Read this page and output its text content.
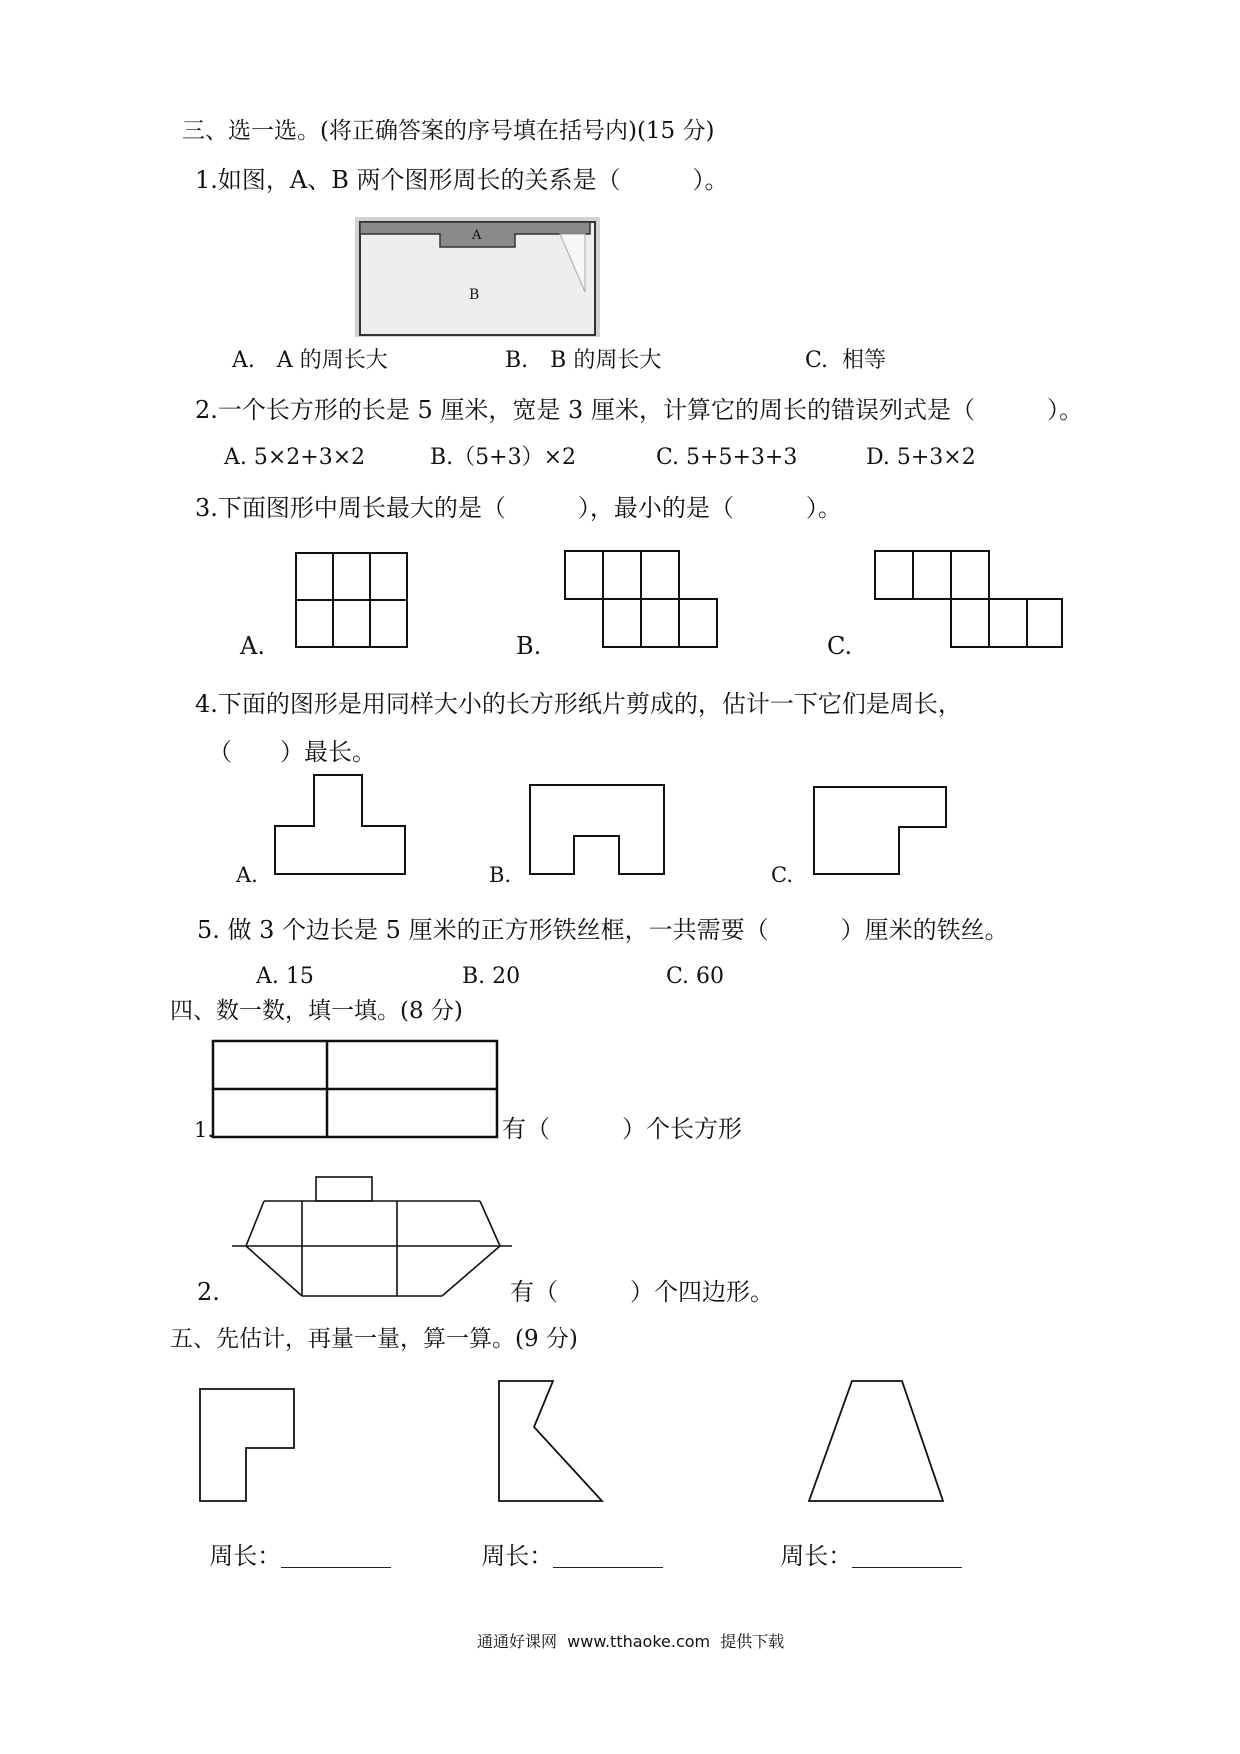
三、选一选。(将正确答案的序号填在括号内)(15 分)
1.如图，A、B 两个图形周长的关系是（　　　）。
A
B
A.　A 的周长大	B.　B 的周长大	C.  相等
2.一个长方形的长是 5 厘米，宽是 3 厘米，计算它的周长的错误列式是（　　　）。
A. 5×2+3×2	B.（5+3）×2	C. 5+5+3+3	D. 5+3×2
3.下面图形中周长最大的是（　　　），最小的是（　　　）。
A.	B.	C.
4.下面的图形是用同样大小的长方形纸片剪成的，估计一下它们是周长，
（　　）最长。
A.	B.	C.
5. 做 3 个边长是 5 厘米的正方形铁丝框，一共需要（　　　）厘米的铁丝。
A. 15	B. 20	C. 60
四、数一数，填一填。(8 分)
1.	有（　　　）个长方形
2.	有（　　　）个四边形。
五、先估计，再量一量，算一算。(9 分)

周长：	周长：	周长：

通通好课网  www.tthaoke.com  提供下载
